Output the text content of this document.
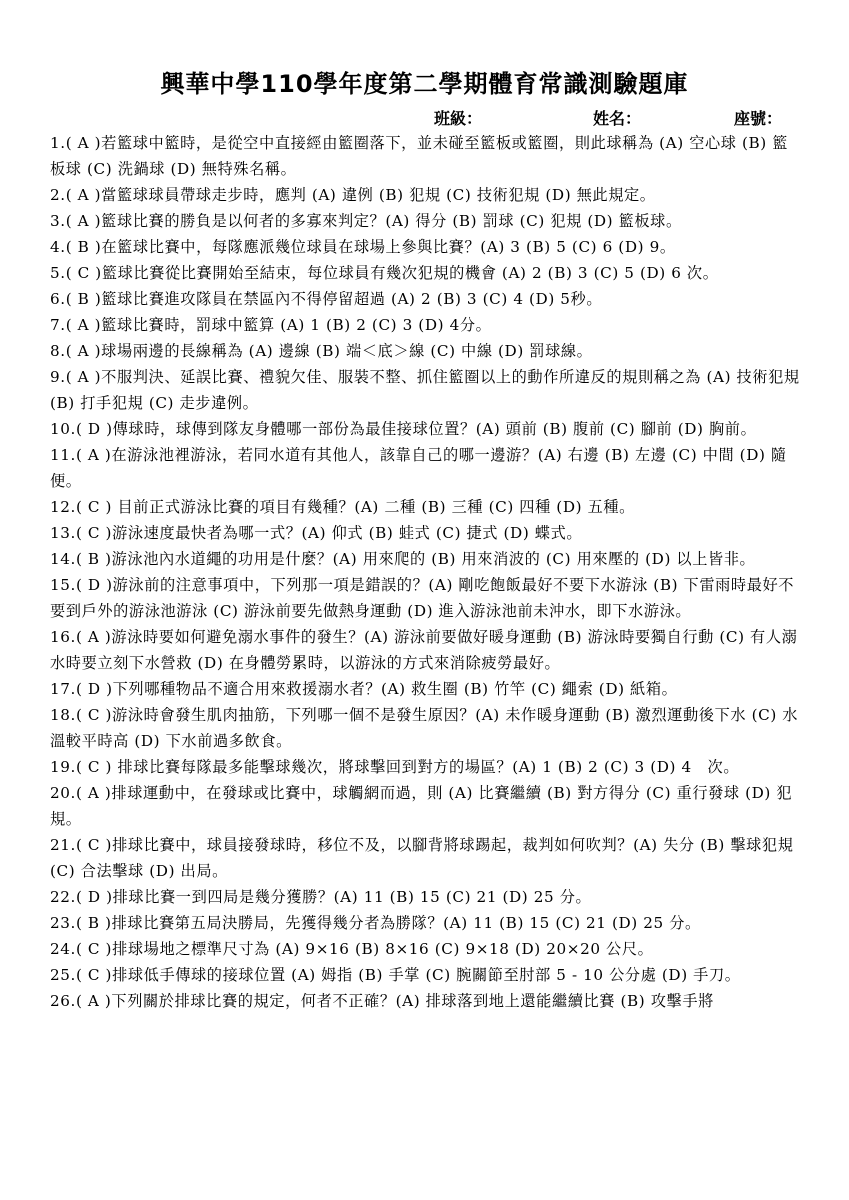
興華中學110學年度第二學期體育常識測驗題庫
班級：	姓名：	座號：
1.( A )若籃球中籃時，是從空中直接經由籃圈落下，並未碰至籃板或籃圈，則此球稱為 (A) 空心球 (B) 籃板球 (C) 洗鍋球 (D) 無特殊名稱。
2.( A )當籃球球員帶球走步時，應判 (A) 違例 (B) 犯規 (C) 技術犯規 (D) 無此規定。
3.( A )籃球比賽的勝負是以何者的多寡來判定？(A) 得分 (B) 罰球 (C) 犯規 (D) 籃板球。
4.( B )在籃球比賽中，每隊應派幾位球員在球場上參與比賽？(A) 3 (B) 5 (C) 6 (D) 9。
5.( C )籃球比賽從比賽開始至結束，每位球員有幾次犯規的機會 (A) 2 (B) 3 (C) 5 (D) 6 次。
6.( B )籃球比賽進攻隊員在禁區內不得停留超過 (A) 2 (B) 3 (C) 4 (D) 5秒。
7.( A )籃球比賽時，罰球中籃算 (A) 1 (B) 2 (C) 3 (D) 4分。
8.( A )球場兩邊的長線稱為 (A) 邊線 (B) 端＜底＞線 (C) 中線 (D) 罰球線。
9.( A )不服判決、延誤比賽、禮貌欠佳、服裝不整、抓住籃圈以上的動作所違反的規則稱之為 (A) 技術犯規　(B) 打手犯規 (C) 走步違例。
10.( D )傳球時，球傳到隊友身體哪一部份為最佳接球位置？(A) 頭前 (B) 腹前 (C) 腳前 (D) 胸前。
11.( A )在游泳池裡游泳，若同水道有其他人，該靠自己的哪一邊游？(A) 右邊 (B) 左邊 (C) 中間 (D) 隨便。
12.( C ) 目前正式游泳比賽的項目有幾種？(A) 二種 (B) 三種 (C) 四種 (D) 五種。
13.( C )游泳速度最快者為哪一式？(A) 仰式 (B) 蛙式 (C) 捷式 (D) 蝶式。
14.( B )游泳池內水道繩的功用是什麼？(A) 用來爬的 (B) 用來消波的 (C) 用來壓的 (D) 以上皆非。
15.( D )游泳前的注意事項中，下列那一項是錯誤的？(A) 剛吃飽飯最好不要下水游泳 (B) 下雷雨時最好不要到戶外的游泳池游泳 (C) 游泳前要先做熱身運動 (D) 進入游泳池前未沖水，即下水游泳。
16.( A )游泳時要如何避免溺水事件的發生？(A) 游泳前要做好暖身運動 (B) 游泳時要獨自行動 (C) 有人溺水時要立刻下水營救 (D) 在身體勞累時，以游泳的方式來消除疲勞最好。
17.( D )下列哪種物品不適合用來救援溺水者？(A) 救生圈 (B) 竹竿 (C) 繩索 (D) 紙箱。
18.( C )游泳時會發生肌肉抽筋，下列哪一個不是發生原因？(A) 未作暖身運動 (B) 激烈運動後下水 (C) 水溫較平時高 (D) 下水前過多飲食。
19.( C ) 排球比賽每隊最多能擊球幾次，將球擊回到對方的場區？(A) 1 (B) 2 (C) 3 (D) 4　次。
20.( A )排球運動中，在發球或比賽中，球觸網而過，則 (A) 比賽繼續 (B) 對方得分 (C) 重行發球 (D) 犯規。
21.( C )排球比賽中，球員接發球時，移位不及，以腳背將球踢起，裁判如何吹判？(A) 失分 (B) 擊球犯規 (C) 合法擊球 (D) 出局。
22.( D )排球比賽一到四局是幾分獲勝？(A) 11 (B) 15 (C) 21 (D) 25 分。
23.( B )排球比賽第五局決勝局，先獲得幾分者為勝隊？(A) 11 (B) 15 (C) 21 (D) 25 分。
24.( C )排球場地之標準尺寸為 (A) 9×16 (B) 8×16 (C) 9×18 (D) 20×20 公尺。
25.( C )排球低手傳球的接球位置 (A) 姆指 (B) 手掌 (C) 腕關節至肘部 5 - 10 公分處 (D) 手刀。
26.( A )下列關於排球比賽的規定，何者不正確？(A) 排球落到地上還能繼續比賽 (B) 攻擊手將
